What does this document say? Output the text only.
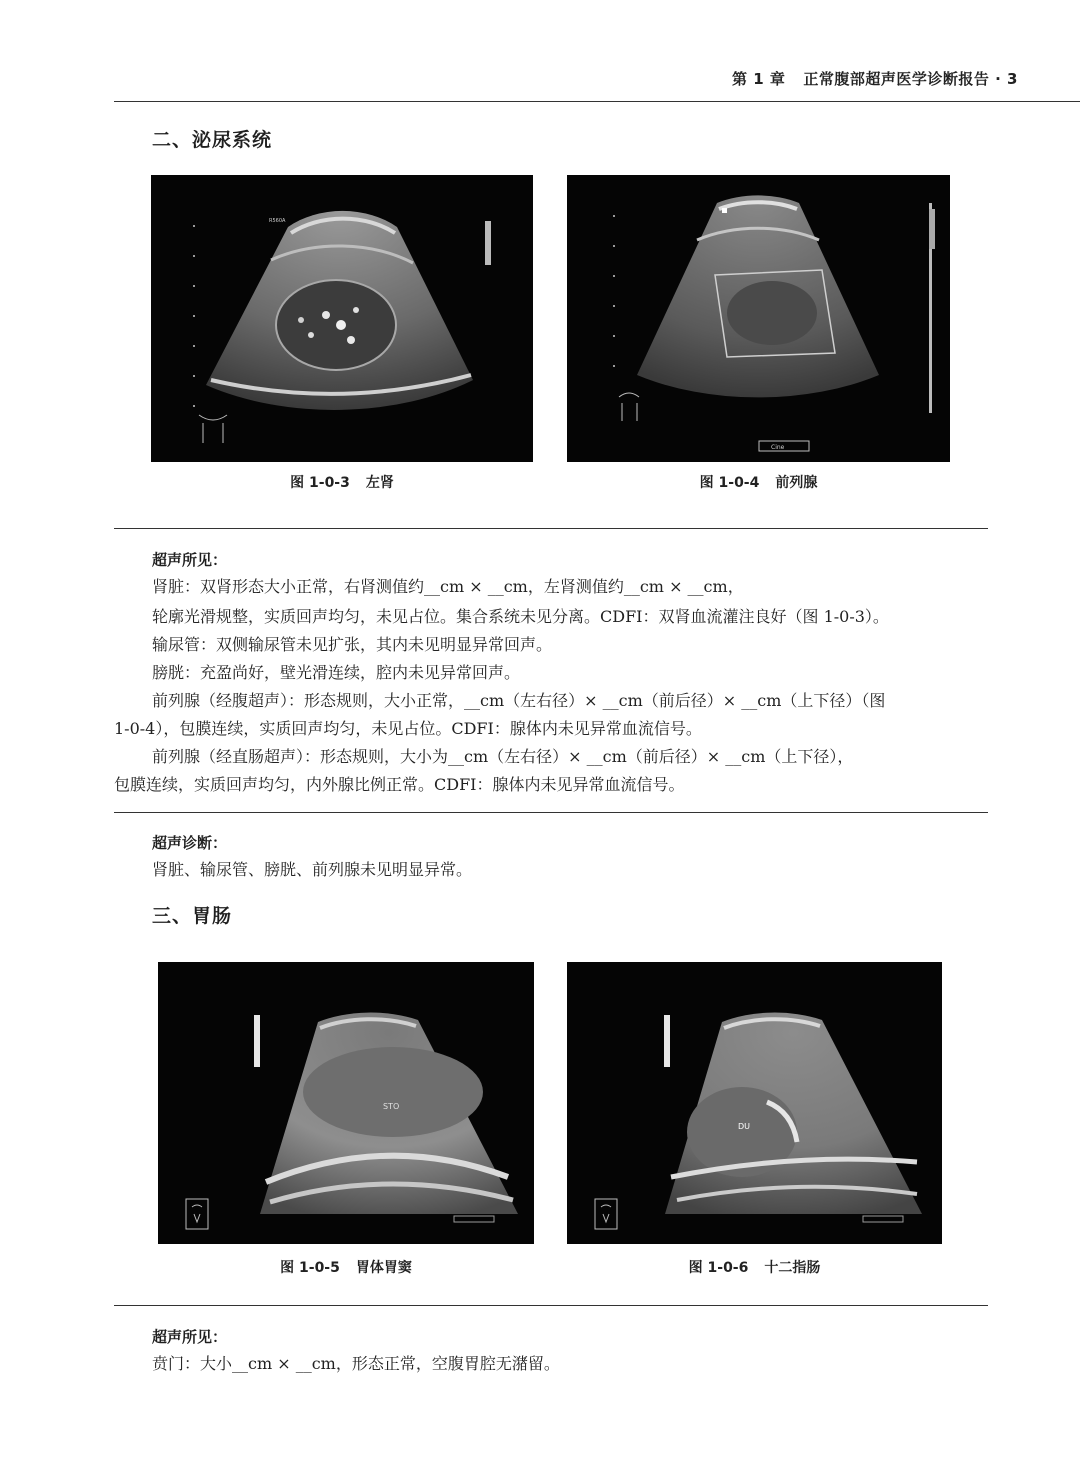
第 1 章 正常腹部超声医学诊断报告 · 3
二、泌尿系统
R560A
图 1-0-3 左肾
Cine
图 1-0-4 前列腺
超声所见：
肾脏：双肾形态大小正常，右肾测值约__cm × __cm，左肾测值约__cm × __cm，
轮廓光滑规整，实质回声均匀，未见占位。集合系统未见分离。CDFI：双肾血流灌注良好（图 1-0-3）。
输尿管：双侧输尿管未见扩张，其内未见明显异常回声。
膀胱：充盈尚好，壁光滑连续，腔内未见异常回声。
前列腺（经腹超声）：形态规则，大小正常，__cm（左右径）× __cm（前后径）× __cm（上下径）（图
1-0-4），包膜连续，实质回声均匀，未见占位。CDFI：腺体内未见异常血流信号。
前列腺（经直肠超声）：形态规则，大小为__cm（左右径）× __cm（前后径）× __cm（上下径），
包膜连续，实质回声均匀，内外腺比例正常。CDFI：腺体内未见异常血流信号。
超声诊断：
肾脏、输尿管、膀胱、前列腺未见明显异常。
三、胃肠
STO
图 1-0-5 胃体胃窦
DU
图 1-0-6 十二指肠
超声所见：
贲门：大小__cm × __cm，形态正常，空腹胃腔无潴留。
